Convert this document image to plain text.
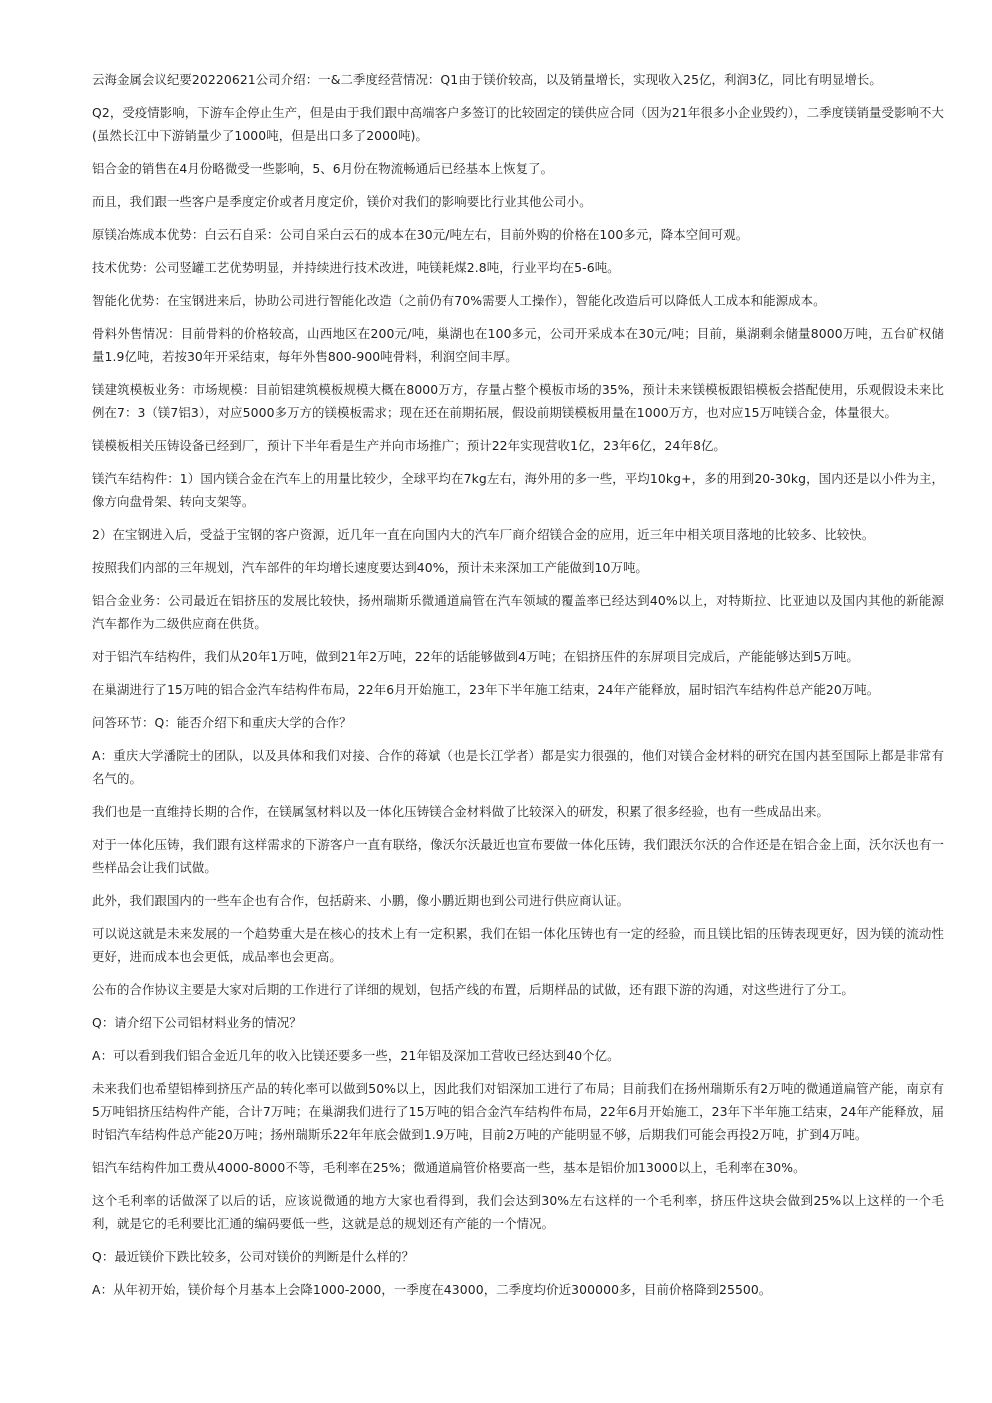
云海金属会议纪要20220621公司介绍：一&二季度经营情况：Q1由于镁价较高，以及销量增长，实现收入25亿，利润3亿，同比有明显增长。

Q2，受疫情影响，下游车企停止生产，但是由于我们跟中高端客户多签订的比较固定的镁供应合同（因为21年很多小企业毁约），二季度镁销量受影响不大(虽然长江中下游销量少了1000吨，但是出口多了2000吨)。

铝合金的销售在4月份略微受一些影响，5、6月份在物流畅通后已经基本上恢复了。

而且，我们跟一些客户是季度定价或者月度定价，镁价对我们的影响要比行业其他公司小。

原镁冶炼成本优势：白云石自采：公司自采白云石的成本在30元/吨左右，目前外购的价格在100多元，降本空间可观。

技术优势：公司竖罐工艺优势明显，并持续进行技术改进，吨镁耗煤2.8吨，行业平均在5-6吨。

智能化优势：在宝钢进来后，协助公司进行智能化改造（之前仍有70%需要人工操作），智能化改造后可以降低人工成本和能源成本。

骨料外售情况：目前骨料的价格较高，山西地区在200元/吨，巢湖也在100多元，公司开采成本在30元/吨；目前，巢湖剩余储量8000万吨，五台矿权储量1.9亿吨，若按30年开采结束，每年外售800-900吨骨料，利润空间丰厚。

镁建筑模板业务：市场规模：目前铝建筑模板规模大概在8000万方，存量占整个模板市场的35%，预计未来镁模板跟铝模板会搭配使用，乐观假设未来比例在7：3（镁7铝3），对应5000多万方的镁模板需求；现在还在前期拓展，假设前期镁模板用量在1000万方，也对应15万吨镁合金，体量很大。

镁模板相关压铸设备已经到厂，预计下半年看是生产并向市场推广；预计22年实现营收1亿，23年6亿，24年8亿。

镁汽车结构件：1）国内镁合金在汽车上的用量比较少，全球平均在7kg左右，海外用的多一些，平均10kg+，多的用到20-30kg，国内还是以小件为主，像方向盘骨架、转向支架等。

2）在宝钢进入后，受益于宝钢的客户资源，近几年一直在向国内大的汽车厂商介绍镁合金的应用，近三年中相关项目落地的比较多、比较快。

按照我们内部的三年规划，汽车部件的年均增长速度要达到40%，预计未来深加工产能做到10万吨。

铝合金业务：公司最近在铝挤压的发展比较快，扬州瑞斯乐微通道扁管在汽车领域的覆盖率已经达到40%以上，对特斯拉、比亚迪以及国内其他的新能源汽车都作为二级供应商在供货。

对于铝汽车结构件，我们从20年1万吨，做到21年2万吨，22年的话能够做到4万吨；在铝挤压件的东屏项目完成后，产能能够达到5万吨。

在巢湖进行了15万吨的铝合金汽车结构件布局，22年6月开始施工，23年下半年施工结束，24年产能释放，届时铝汽车结构件总产能20万吨。

问答环节：Q：能否介绍下和重庆大学的合作？

A：重庆大学潘院士的团队，以及具体和我们对接、合作的蒋斌（也是长江学者）都是实力很强的，他们对镁合金材料的研究在国内甚至国际上都是非常有名气的。

我们也是一直维持长期的合作，在镁属氢材料以及一体化压铸镁合金材料做了比较深入的研发，积累了很多经验，也有一些成品出来。

对于一体化压铸，我们跟有这样需求的下游客户一直有联络，像沃尔沃最近也宣布要做一体化压铸，我们跟沃尔沃的合作还是在铝合金上面，沃尔沃也有一些样品会让我们试做。

此外，我们跟国内的一些车企也有合作，包括蔚来、小鹏，像小鹏近期也到公司进行供应商认证。

可以说这就是未来发展的一个趋势重大是在核心的技术上有一定积累，我们在铝一体化压铸也有一定的经验，而且镁比铝的压铸表现更好，因为镁的流动性更好，进而成本也会更低，成品率也会更高。

公布的合作协议主要是大家对后期的工作进行了详细的规划，包括产线的布置，后期样品的试做，还有跟下游的沟通，对这些进行了分工。

Q：请介绍下公司铝材料业务的情况？

A：可以看到我们铝合金近几年的收入比镁还要多一些，21年铝及深加工营收已经达到40个亿。

未来我们也希望铝棒到挤压产品的转化率可以做到50%以上，因此我们对铝深加工进行了布局；目前我们在扬州瑞斯乐有2万吨的微通道扁管产能，南京有5万吨铝挤压结构件产能，合计7万吨；在巢湖我们进行了15万吨的铝合金汽车结构件布局，22年6月开始施工，23年下半年施工结束，24年产能释放，届时铝汽车结构件总产能20万吨；扬州瑞斯乐22年年底会做到1.9万吨，目前2万吨的产能明显不够，后期我们可能会再投2万吨，扩到4万吨。

铝汽车结构件加工费从4000-8000不等，毛利率在25%；微通道扁管价格要高一些，基本是铝价加13000以上，毛利率在30%。

这个毛利率的话做深了以后的话，应该说微通的地方大家也看得到，我们会达到30%左右这样的一个毛利率，挤压件这块会做到25%以上这样的一个毛利，就是它的毛利要比汇通的编码要低一些，这就是总的规划还有产能的一个情况。

Q：最近镁价下跌比较多，公司对镁价的判断是什么样的？

A：从年初开始，镁价每个月基本上会降1000-2000，一季度在43000，二季度均价近300000多，目前价格降到25500。
